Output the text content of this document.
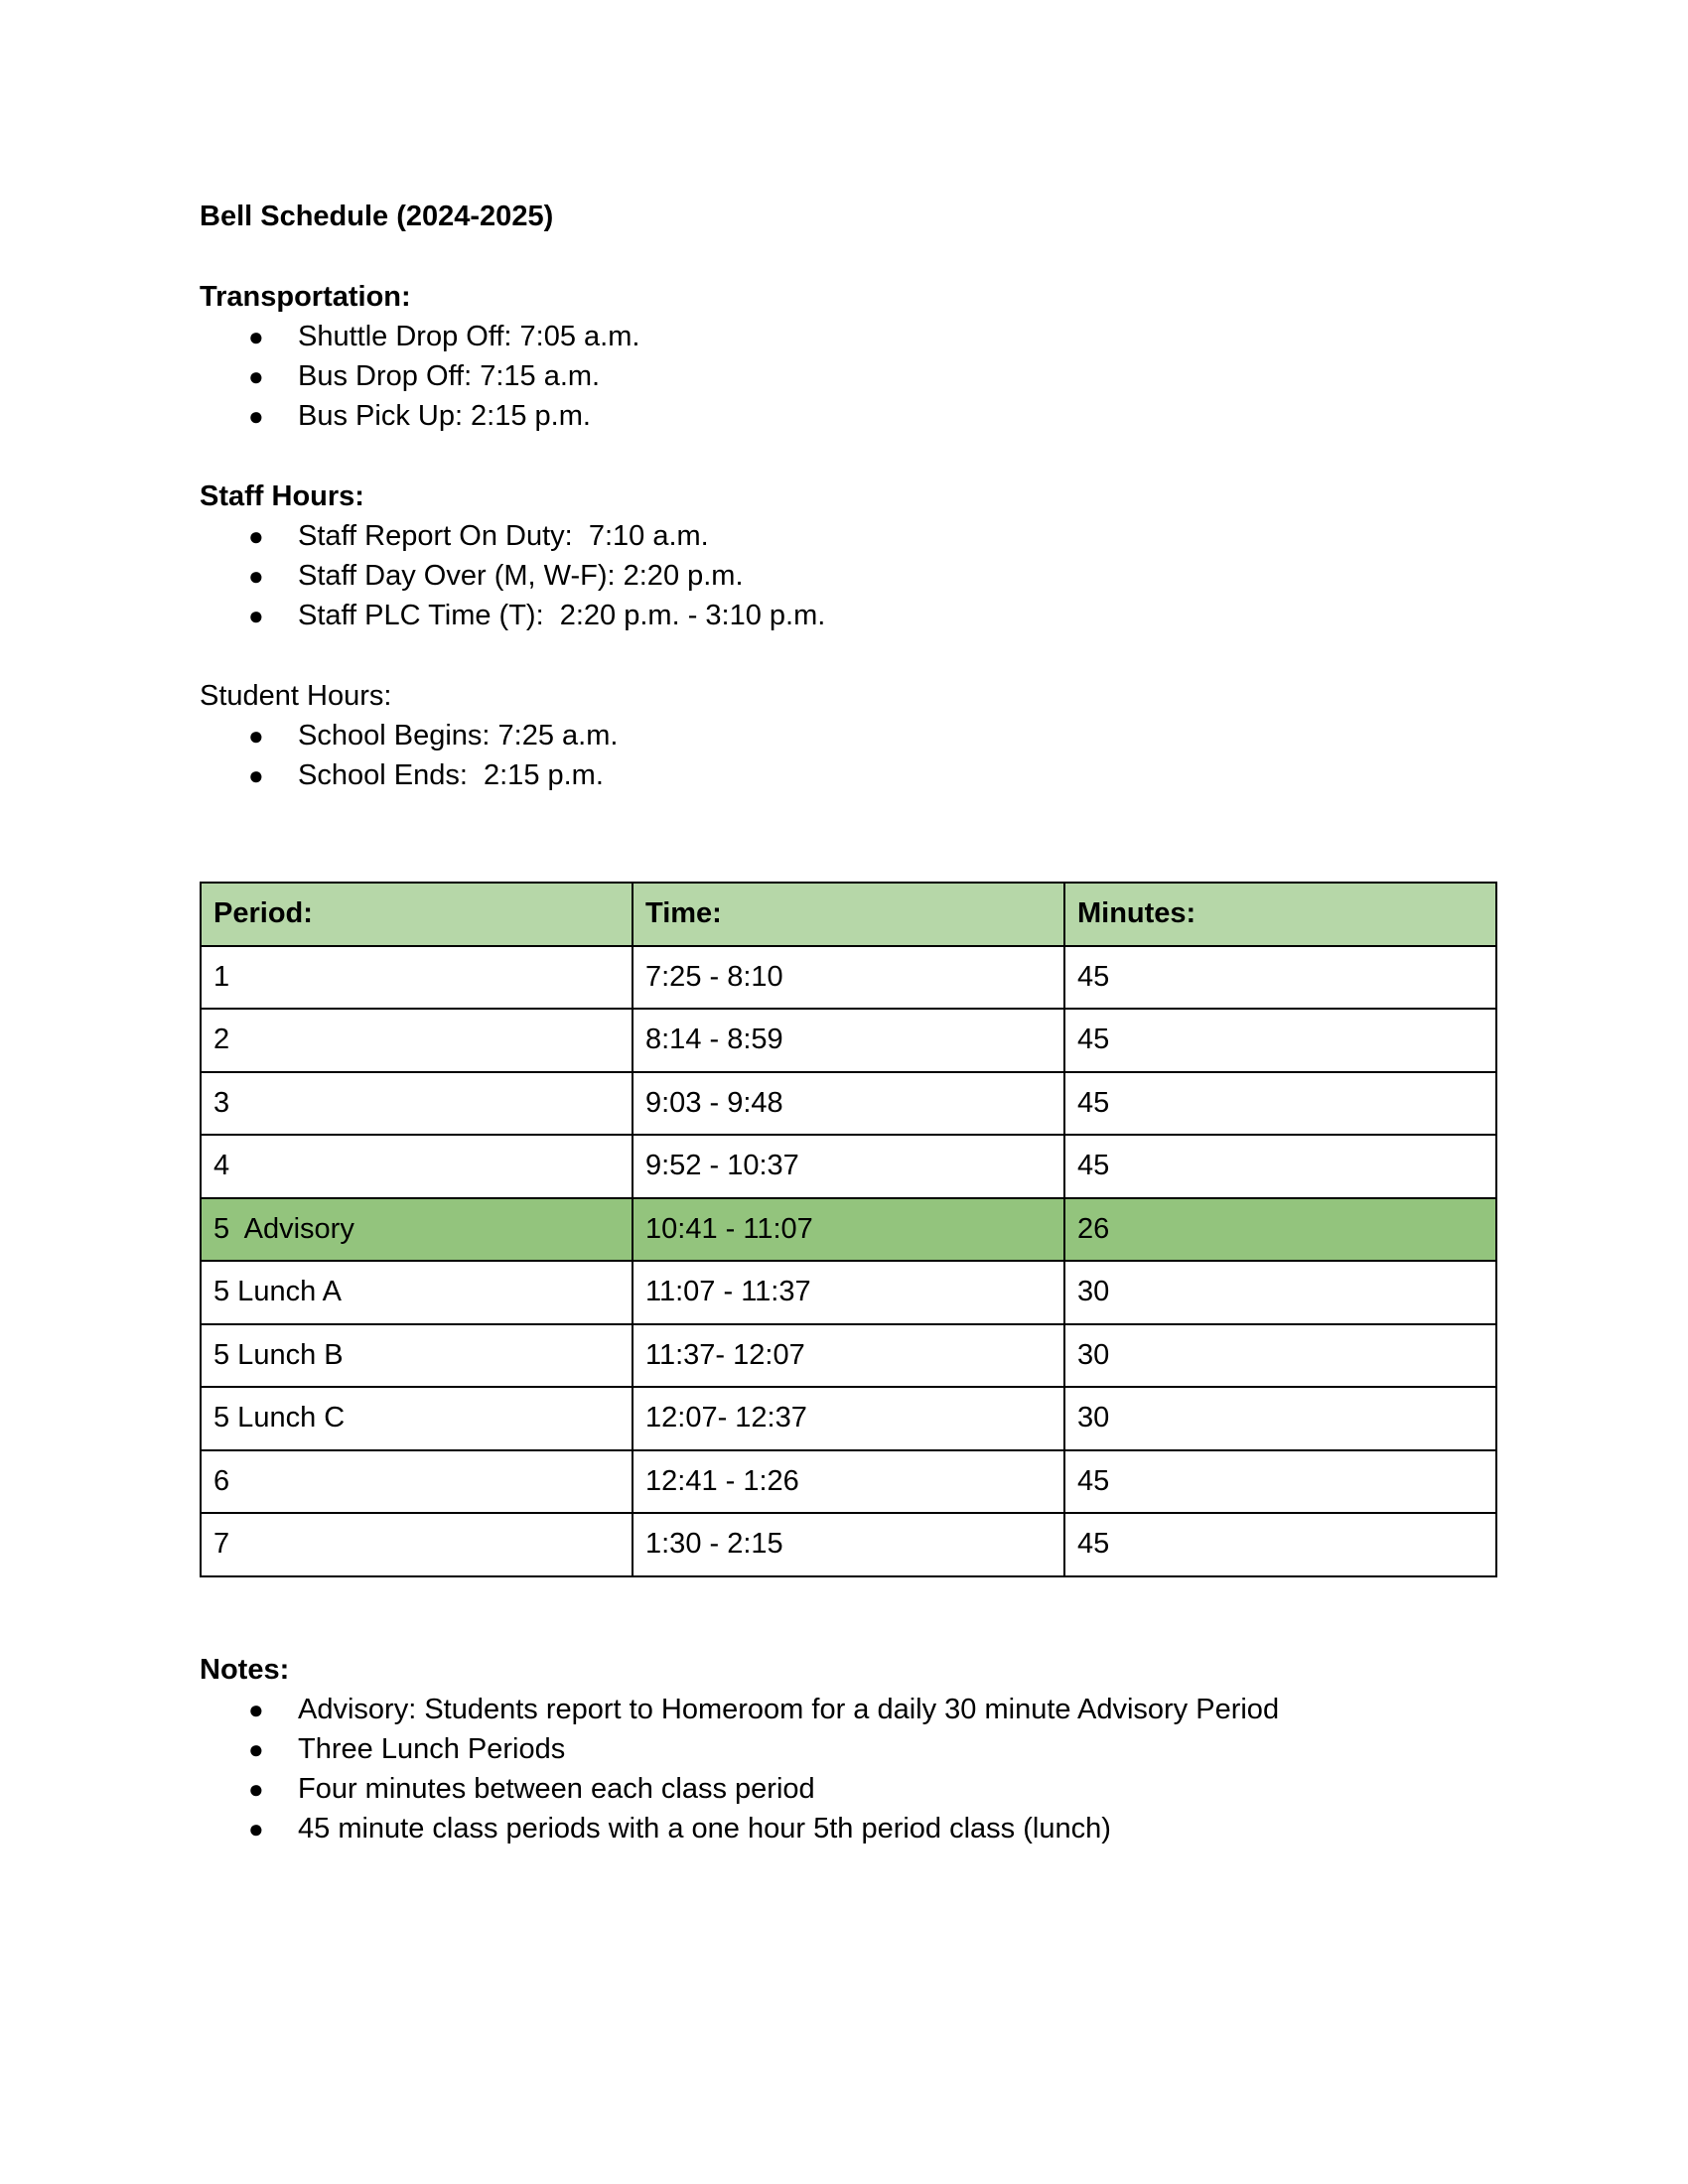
Bell Schedule (2024-2025)
Transportation:
● Shuttle Drop Off: 7:05 a.m.
● Bus Drop Off: 7:15 a.m.
● Bus Pick Up: 2:15 p.m.
Staff Hours:
● Staff Report On Duty:  7:10 a.m.
● Staff Day Over (M, W-F): 2:20 p.m.
● Staff PLC Time (T):  2:20 p.m. - 3:10 p.m.
Student Hours:
● School Begins: 7:25 a.m.
● School Ends:  2:15 p.m.
Period:	Time:	Minutes:
1	7:25 - 8:10	45
2	8:14 - 8:59	45
3	9:03 - 9:48	45
4	9:52 - 10:37	45
5  Advisory	10:41 - 11:07	26
5 Lunch A	11:07 - 11:37	30
5 Lunch B	11:37- 12:07	30
5 Lunch C	12:07- 12:37	30
6	12:41 - 1:26	45
7	1:30 - 2:15	45
Notes:
● Advisory: Students report to Homeroom for a daily 30 minute Advisory Period
● Three Lunch Periods
● Four minutes between each class period
● 45 minute class periods with a one hour 5th period class (lunch)
